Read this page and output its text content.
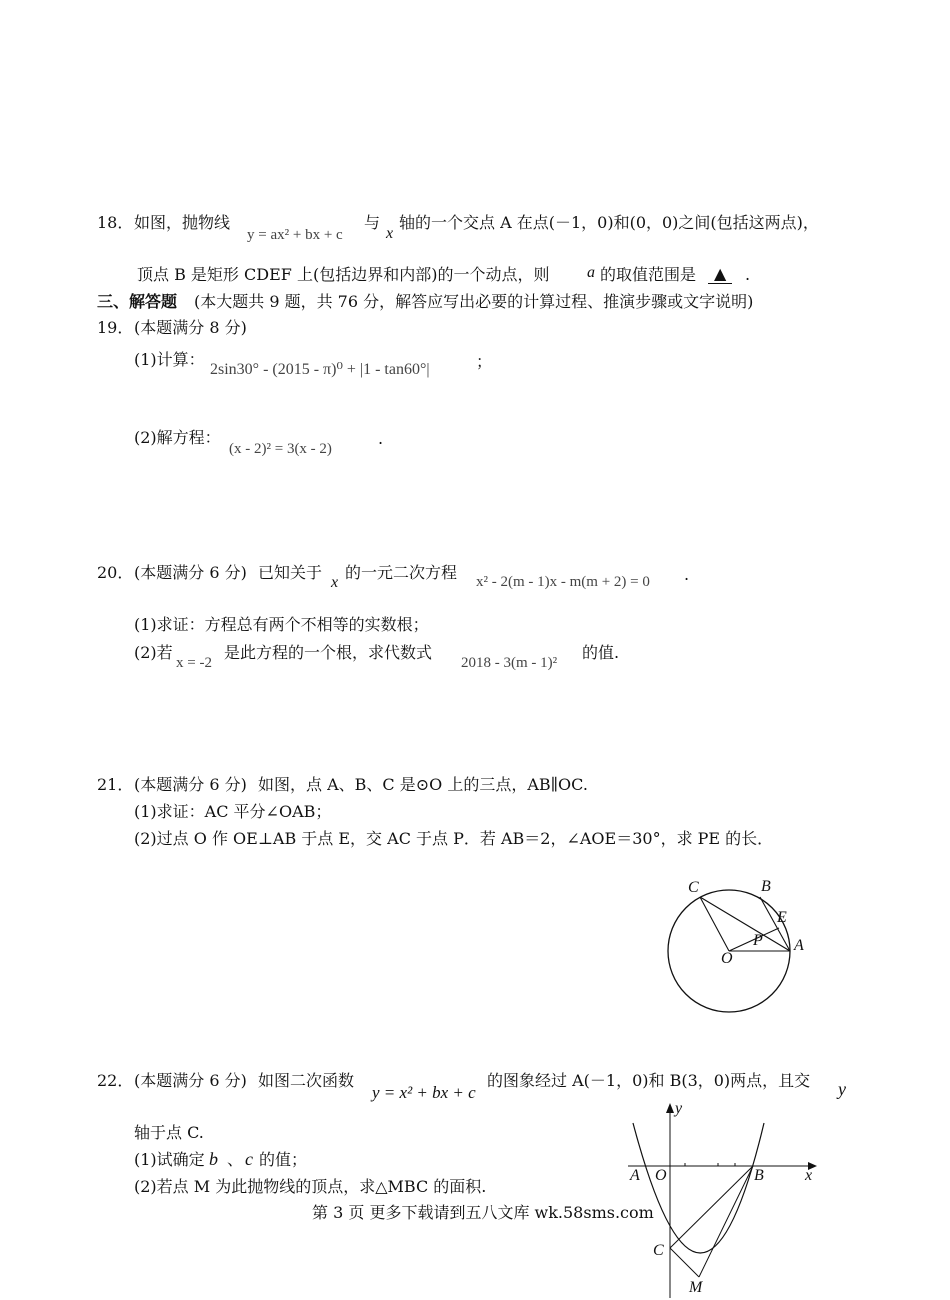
18． 如图，抛物线
y = ax² + bx + c
与
x
轴的一个交点 A 在点(－1，0)和(0，0)之间(包括这两点)，
顶点 B 是矩形 CDEF 上(包括边界和内部)的一个动点，则 a 的取值范围是	▲	.
三、解答题 (本大题共 9 题，共 76 分，解答应写出必要的计算过程、推演步骤或文字说明)
19． (本题满分 8 分)
(1)计算：
2sin30° - (2015 - π)⁰ + |1 - tan60°|	；
(2)解方程：
(x - 2)² = 3(x - 2)
.
20． (本题满分 6 分) 已知关于
x
的一元二次方程 x² - 2(m - 1)x - m(m + 2) = 0 .
(1)求证：方程总有两个不相等的实数根；
(2)若
x = -2
是此方程的一个根，求代数式
2018 - 3(m - 1)²
的值.
21． (本题满分 6 分) 如图，点 A、B、C 是⊙O 上的三点，AB∥OC.
(1)求证：AC 平分∠OAB；
(2)过点 O 作 OE⊥AB 于点 E，交 AC 于点 P．若 AB＝2，∠AOE＝30°，求 PE 的长．
C	B
E
P A
O
22． (本题满分 6 分) 如图二次函数
y = x² + bx + c
的图象经过 A(－1，0)和 B(3，0)两点，且交 y
轴于点 C.
(1)试确定 b 、 c 的值；
(2)若点 M 为此抛物线的顶点，求△MBC 的面积.
第 3 页 更多下载请到五八文库 wk.58sms.com
y
x
A O	B
C
M
